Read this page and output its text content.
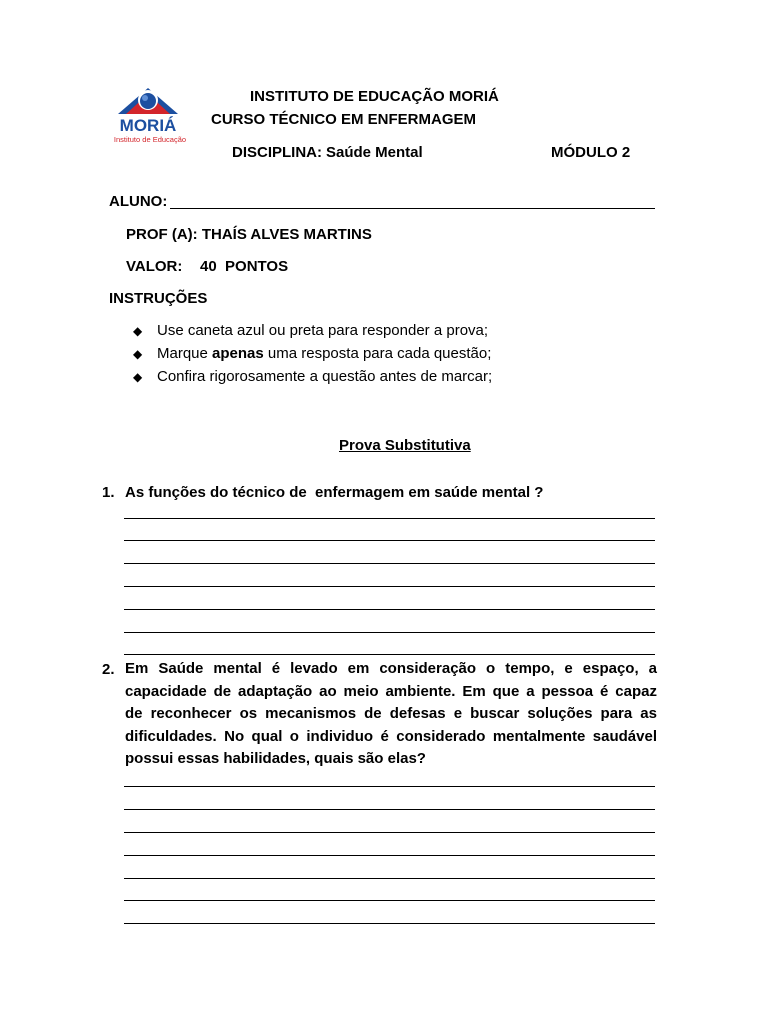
MORIÁ
Instituto de Educação
INSTITUTO DE EDUCAÇÃO MORIÁ
CURSO TÉCNICO EM ENFERMAGEM
DISCIPLINA: Saúde Mental	MÓDULO 2
ALUNO:
PROF (A): THAÍS ALVES MARTINS
VALOR: 40  PONTOS
INSTRUÇÕES
◆ Use caneta azul ou preta para responder a prova;
◆ Marque apenas uma resposta para cada questão;
◆ Confira rigorosamente a questão antes de marcar;
Prova Substitutiva
1. As funções do técnico de  enfermagem em saúde mental ?
2. Em Saúde mental é levado em consideração o tempo, e espaço, a
capacidade de adaptação ao meio ambiente. Em que a pessoa é capaz
de reconhecer os mecanismos de defesas e buscar soluções para as
dificuldades. No qual o individuo é considerado mentalmente saudável
possui essas habilidades, quais são elas?
